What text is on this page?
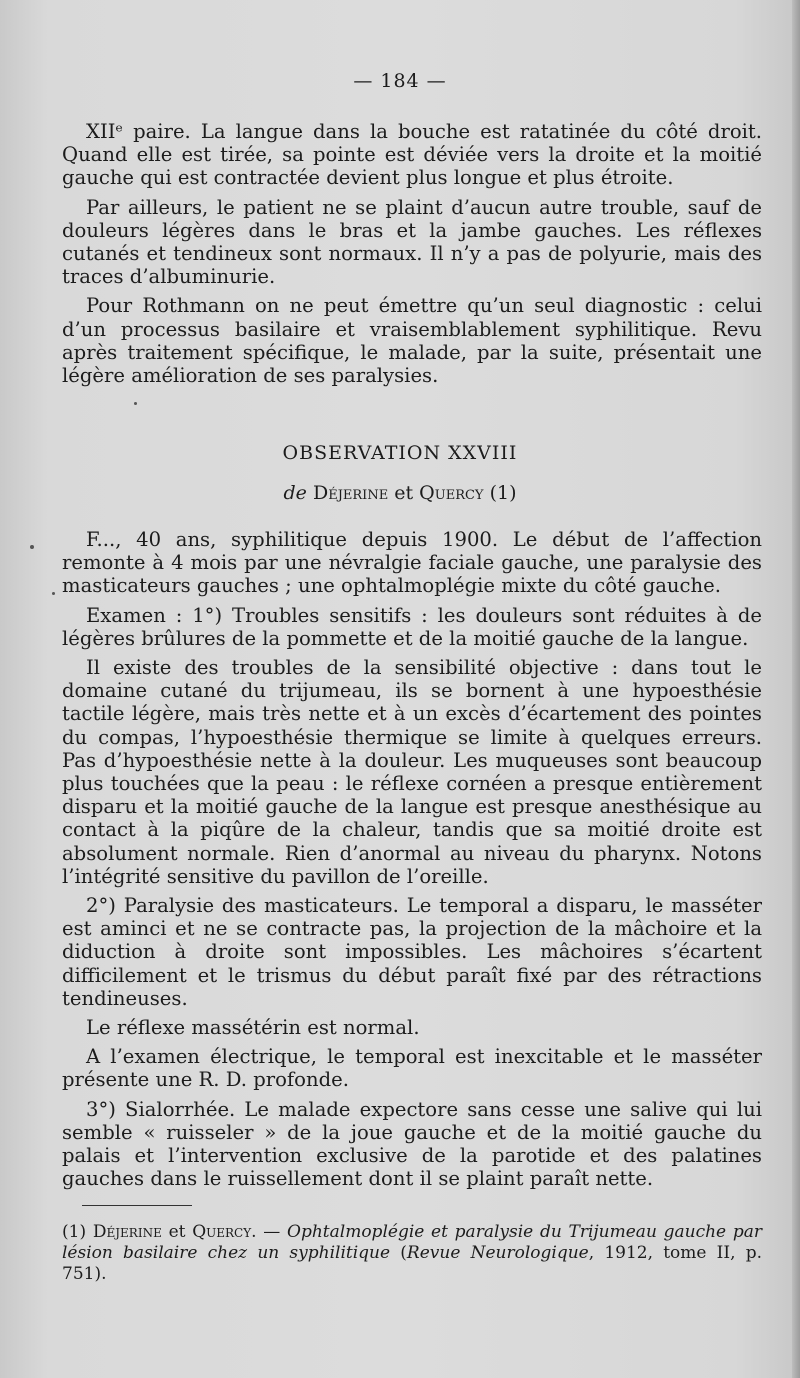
— 184 —

XIIᵉ paire. La langue dans la bouche est ratatinée du côté droit. Quand elle est tirée, sa pointe est déviée vers la droite et la moitié gauche qui est contractée devient plus longue et plus étroite.

Par ailleurs, le patient ne se plaint d’aucun autre trouble, sauf de douleurs légères dans le bras et la jambe gauches. Les réflexes cutanés et tendineux sont normaux. Il n’y a pas de polyurie, mais des traces d’albuminurie.

Pour Rothmann on ne peut émettre qu’un seul diagnostic : celui d’un processus basilaire et vraisemblablement syphilitique. Revu après traitement spécifique, le malade, par la suite, présentait une légère amélioration de ses paralysies.

OBSERVATION XXVIII
de Déjerine et Quercy (1)

F..., 40 ans, syphilitique depuis 1900. Le début de l’affection remonte à 4 mois par une névralgie faciale gauche, une paralysie des masticateurs gauches ; une ophtalmoplégie mixte du côté gauche.

Examen : 1°) Troubles sensitifs : les douleurs sont réduites à de légères brûlures de la pommette et de la moitié gauche de la langue.

Il existe des troubles de la sensibilité objective : dans tout le domaine cutané du trijumeau, ils se bornent à une hypoesthésie tactile légère, mais très nette et à un excès d’écartement des pointes du compas, l’hypoesthésie thermique se limite à quelques erreurs. Pas d’hypoesthésie nette à la douleur. Les muqueuses sont beaucoup plus touchées que la peau : le réflexe cornéen a presque entièrement disparu et la moitié gauche de la langue est presque anesthésique au contact à la piqûre de la chaleur, tandis que sa moitié droite est absolument normale. Rien d’anormal au niveau du pharynx. Notons l’intégrité sensitive du pavillon de l’oreille.

2°) Paralysie des masticateurs. Le temporal a disparu, le masséter est aminci et ne se contracte pas, la projection de la mâchoire et la diduction à droite sont impossibles. Les mâchoires s’écartent difficilement et le trismus du début paraît fixé par des rétractions tendineuses.

Le réflexe massétérin est normal.

A l’examen électrique, le temporal est inexcitable et le masséter présente une R. D. profonde.

3°) Sialorrhée. Le malade expectore sans cesse une salive qui lui semble « ruisseler » de la joue gauche et de la moitié gauche du palais et l’intervention exclusive de la parotide et des palatines gauches dans le ruissellement dont il se plaint paraît nette.

(1) Déjerine et Quercy. — Ophtalmoplégie et paralysie du Trijumeau gauche par lésion basilaire chez un syphilitique (Revue Neurologique, 1912, tome II, p. 751).
